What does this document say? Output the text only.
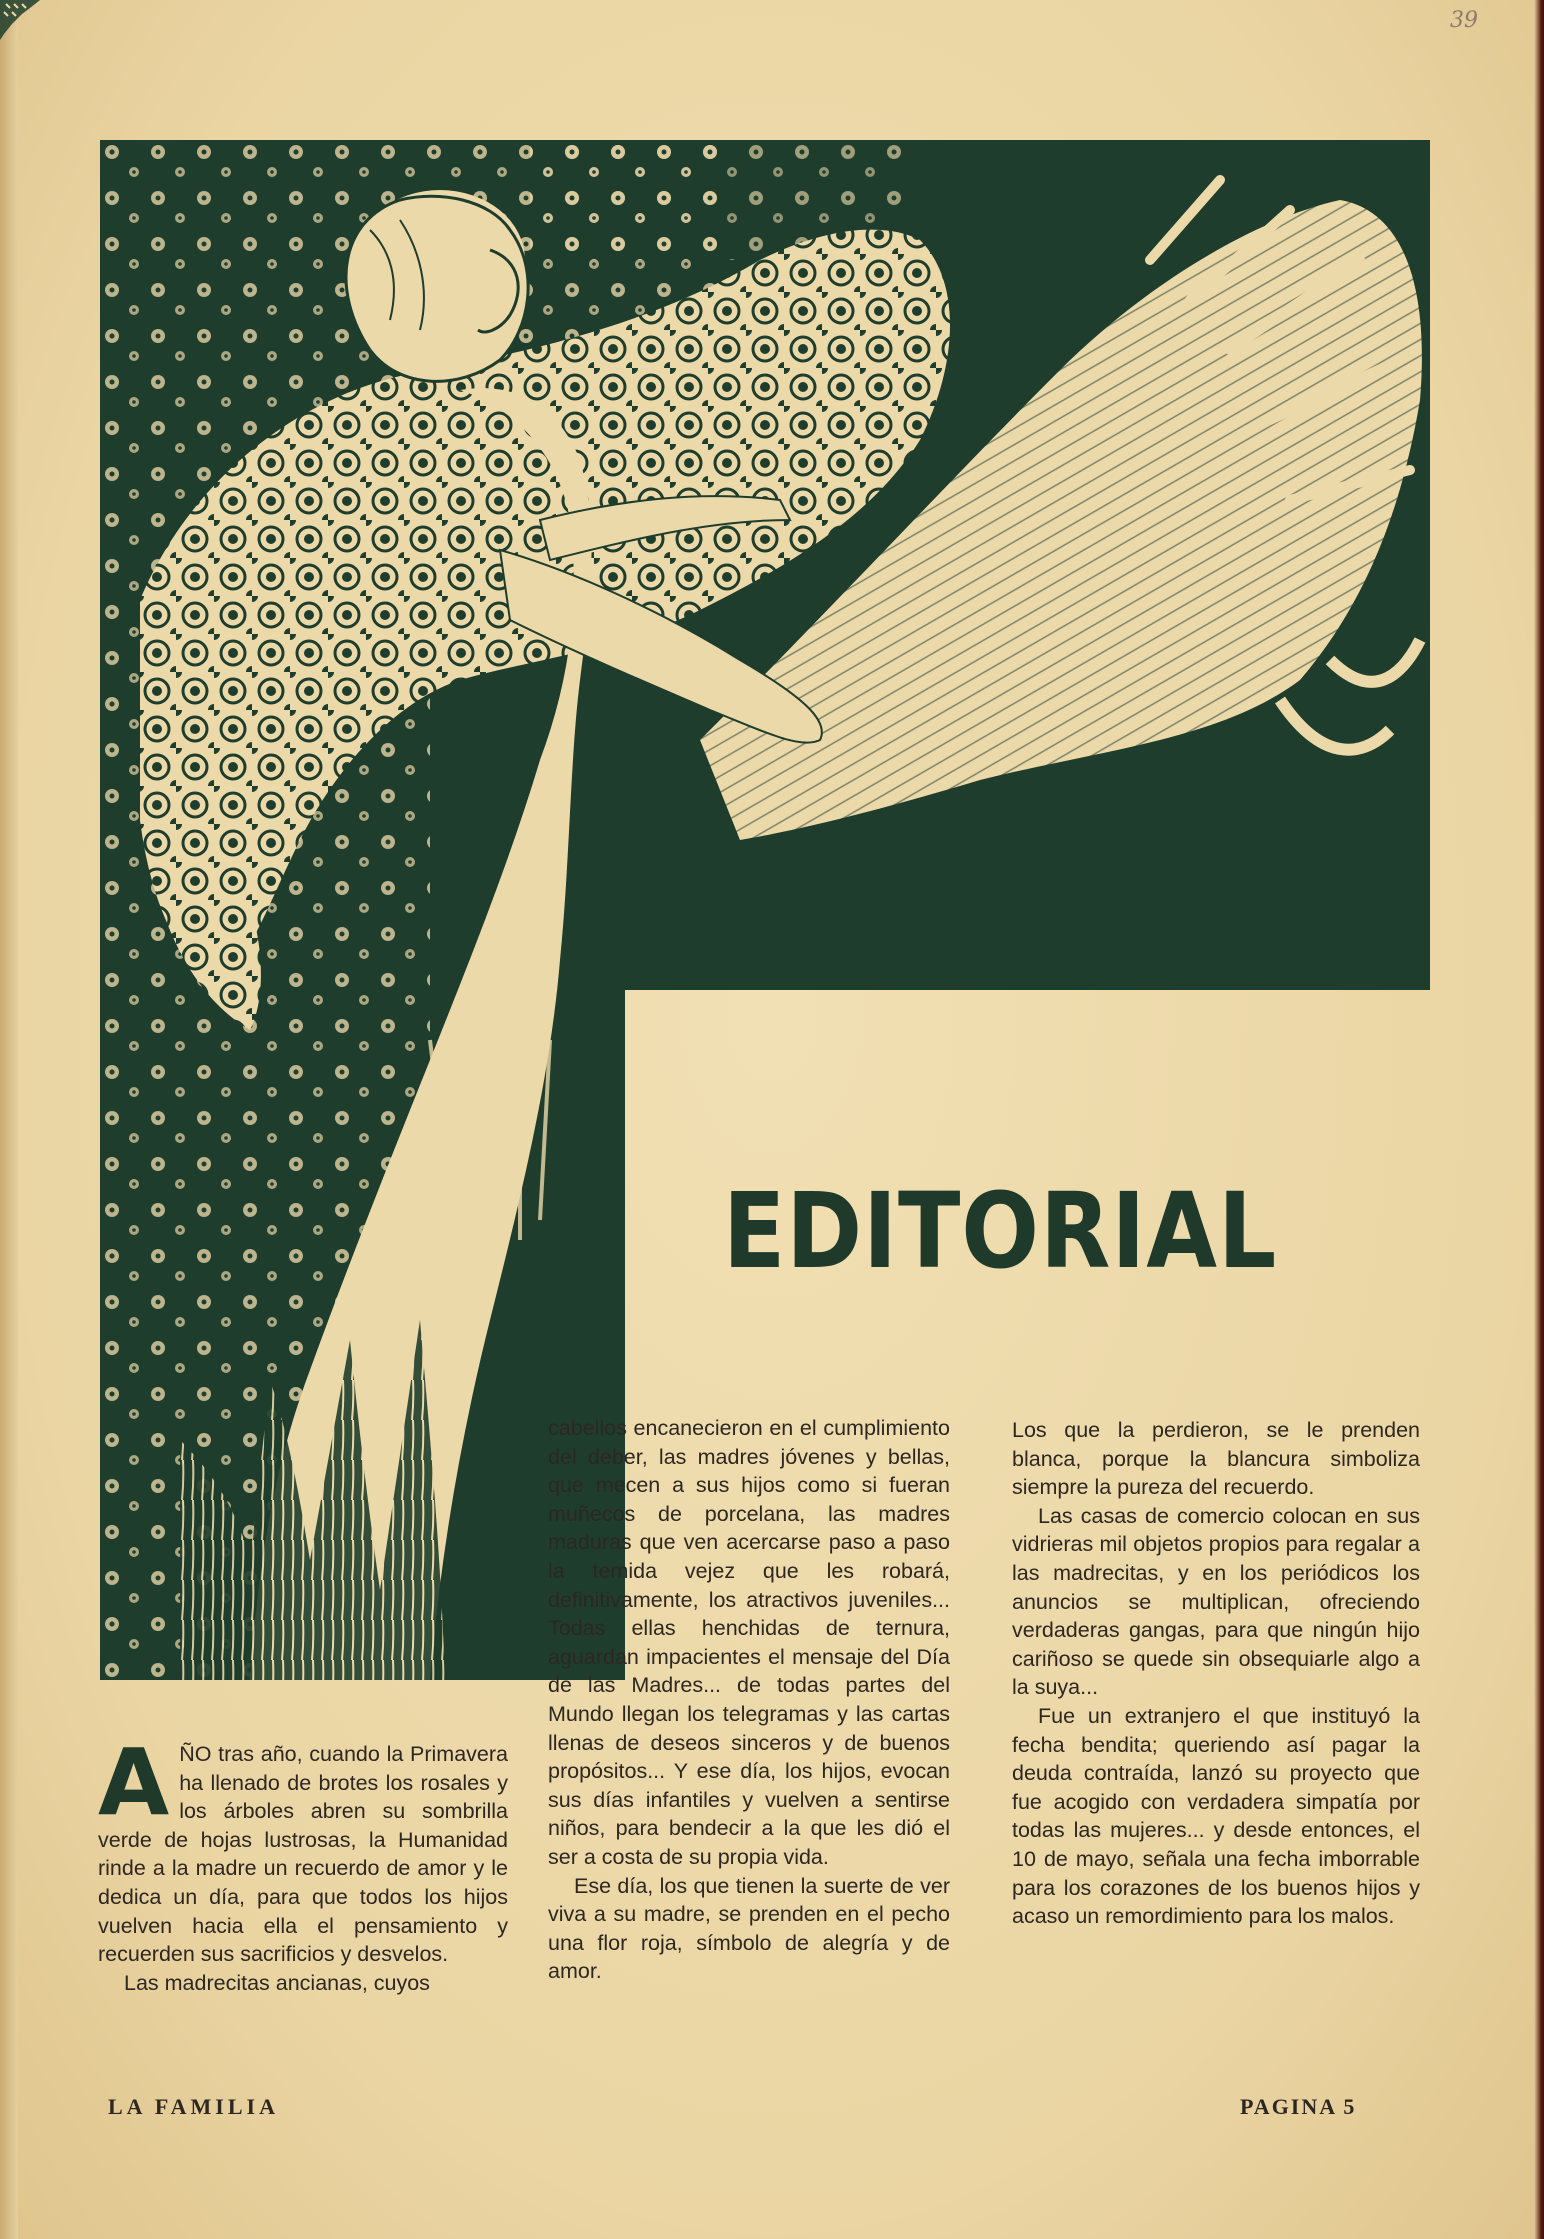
39
EDITORIAL

AÑO tras año, cuando la Primavera ha llenado de brotes los rosales y los árboles abren su sombrilla verde de hojas lustrosas, la Humanidad rinde a la madre un recuerdo de amor y le dedica un día, para que todos los hijos vuelven hacia ella el pensamiento y recuerden sus sacrificios y desvelos.

Las madrecitas ancianas, cuyos

cabellos encanecieron en el cumplimiento del deber, las madres jóvenes y bellas, que mecen a sus hijos como si fueran muñecos de porcelana, las madres maduras que ven acercarse paso a paso la temida vejez que les robará, definitivamente, los atractivos juveniles... Todas ellas henchidas de ternura, aguardan impacientes el mensaje del Día de las Madres... de todas partes del Mundo llegan los telegramas y las cartas llenas de deseos sinceros y de buenos propósitos... Y ese día, los hijos, evocan sus días infantiles y vuelven a sentirse niños, para bendecir a la que les dió el ser a costa de su propia vida.

Ese día, los que tienen la suerte de ver viva a su madre, se prenden en el pecho una flor roja, símbolo de alegría y de amor.

Los que la perdieron, se le prenden blanca, porque la blancura simboliza siempre la pureza del recuerdo.

Las casas de comercio colocan en sus vidrieras mil objetos propios para regalar a las madrecitas, y en los periódicos los anuncios se multiplican, ofreciendo verdaderas gangas, para que ningún hijo cariñoso se quede sin obsequiarle algo a la suya...

Fue un extranjero el que instituyó la fecha bendita; queriendo así pagar la deuda contraída, lanzó su proyecto que fue acogido con verdadera simpatía por todas las mujeres... y desde entonces, el 10 de mayo, señala una fecha imborrable para los corazones de los buenos hijos y acaso un remordimiento para los malos.

LA FAMILIA	PAGINA 5
